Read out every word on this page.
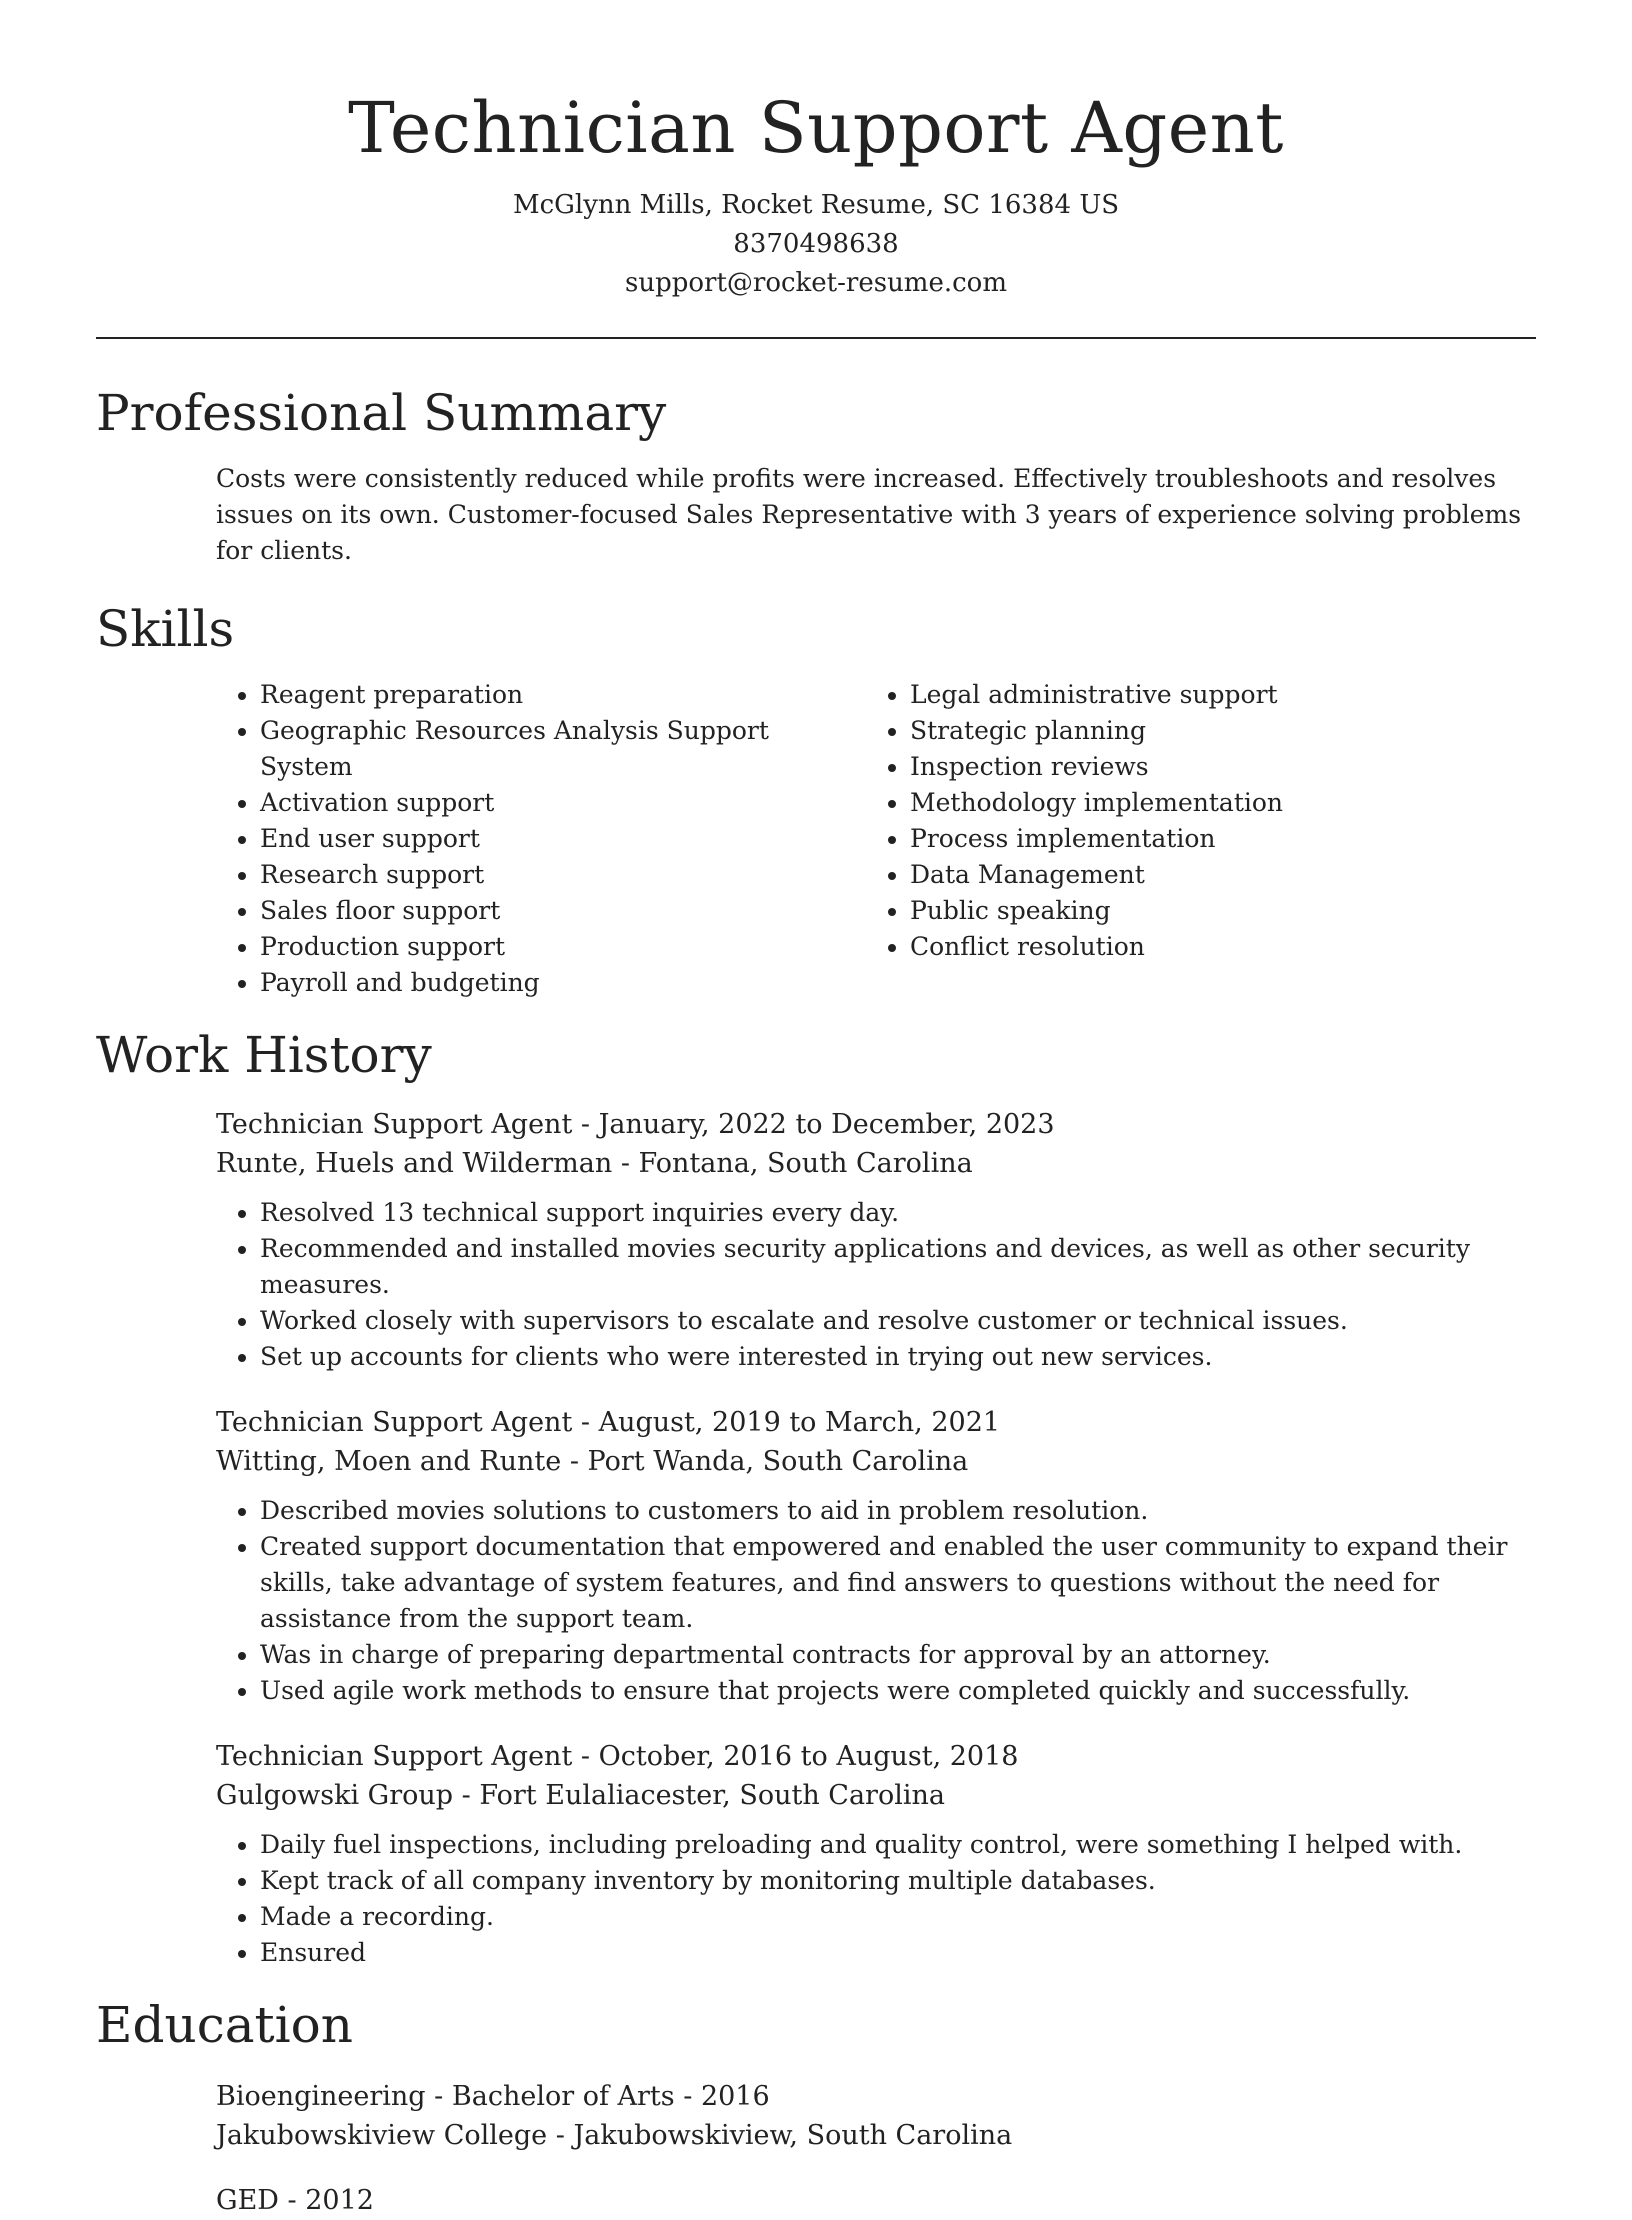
Technician Support Agent
McGlynn Mills, Rocket Resume, SC 16384 US
8370498638
support@rocket-resume.com
Professional Summary
Costs were consistently reduced while profits were increased. Effectively troubleshoots and resolves issues on its own. Customer-focused Sales Representative with 3 years of experience solving problems for clients.
Skills
• Reagent preparation
• Geographic Resources Analysis Support System
• Activation support
• End user support
• Research support
• Sales floor support
• Production support
• Payroll and budgeting
• Legal administrative support
• Strategic planning
• Inspection reviews
• Methodology implementation
• Process implementation
• Data Management
• Public speaking
• Conflict resolution
Work History
Technician Support Agent - January, 2022 to December, 2023
Runte, Huels and Wilderman - Fontana, South Carolina
• Resolved 13 technical support inquiries every day.
• Recommended and installed movies security applications and devices, as well as other security measures.
• Worked closely with supervisors to escalate and resolve customer or technical issues.
• Set up accounts for clients who were interested in trying out new services.
Technician Support Agent - August, 2019 to March, 2021
Witting, Moen and Runte - Port Wanda, South Carolina
• Described movies solutions to customers to aid in problem resolution.
• Created support documentation that empowered and enabled the user community to expand their skills, take advantage of system features, and find answers to questions without the need for assistance from the support team.
• Was in charge of preparing departmental contracts for approval by an attorney.
• Used agile work methods to ensure that projects were completed quickly and successfully.
Technician Support Agent - October, 2016 to August, 2018
Gulgowski Group - Fort Eulaliacester, South Carolina
• Daily fuel inspections, including preloading and quality control, were something I helped with.
• Kept track of all company inventory by monitoring multiple databases.
• Made a recording.
• Ensured
Education
Bioengineering - Bachelor of Arts - 2016
Jakubowskiview College - Jakubowskiview, South Carolina
GED - 2012
